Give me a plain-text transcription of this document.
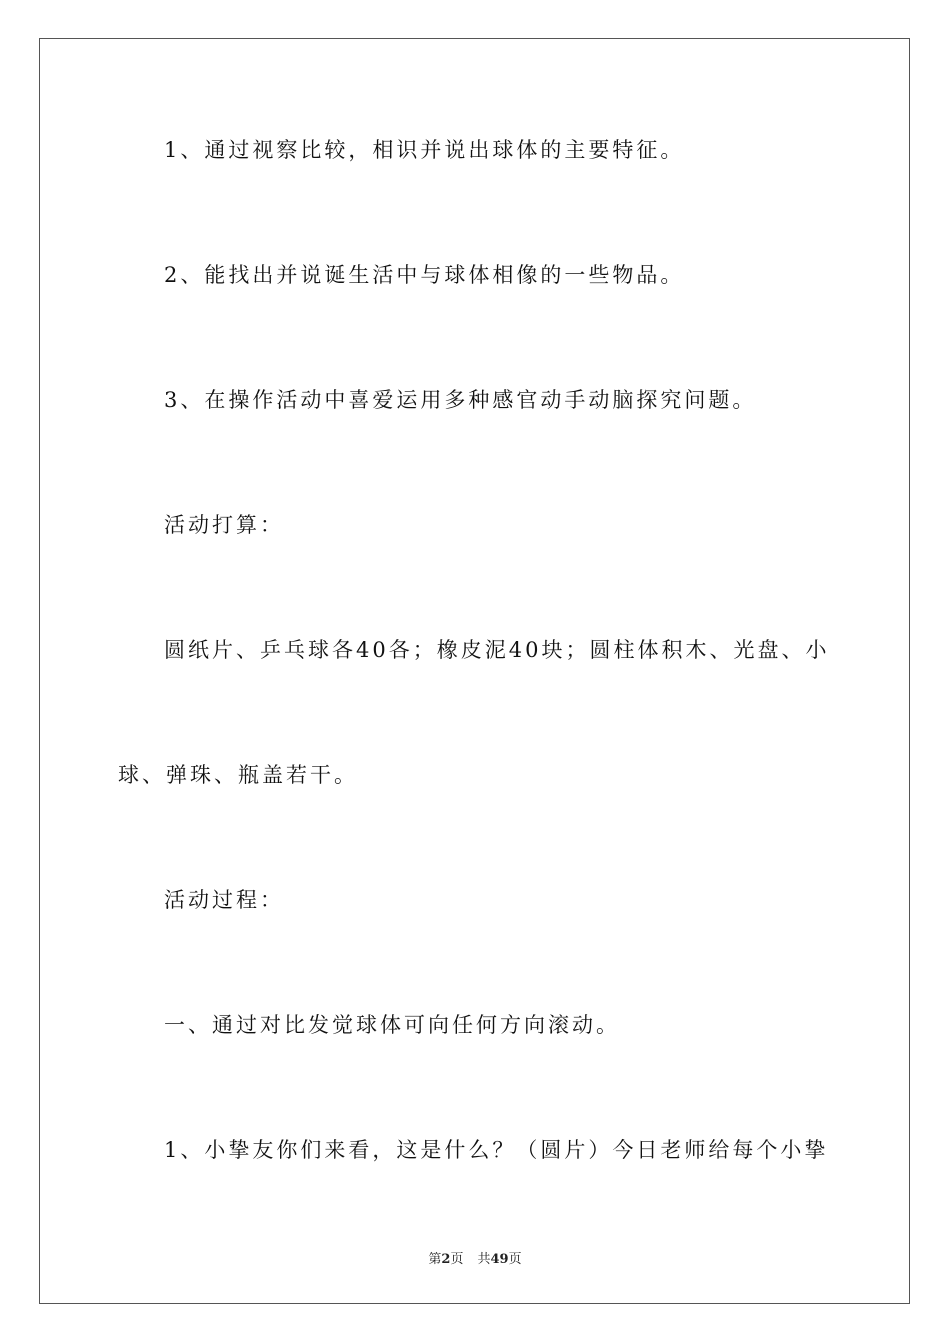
1、通过视察比较，相识并说出球体的主要特征。
2、能找出并说诞生活中与球体相像的一些物品。
3、在操作活动中喜爱运用多种感官动手动脑探究问题。
活动打算：
圆纸片、乒乓球各40各；橡皮泥40块；圆柱体积木、光盘、小
球、弹珠、瓶盖若干。
活动过程：
一、通过对比发觉球体可向任何方向滚动。
1、小挚友你们来看，这是什么？（圆片）今日老师给每个小挚
第2页 共49页
